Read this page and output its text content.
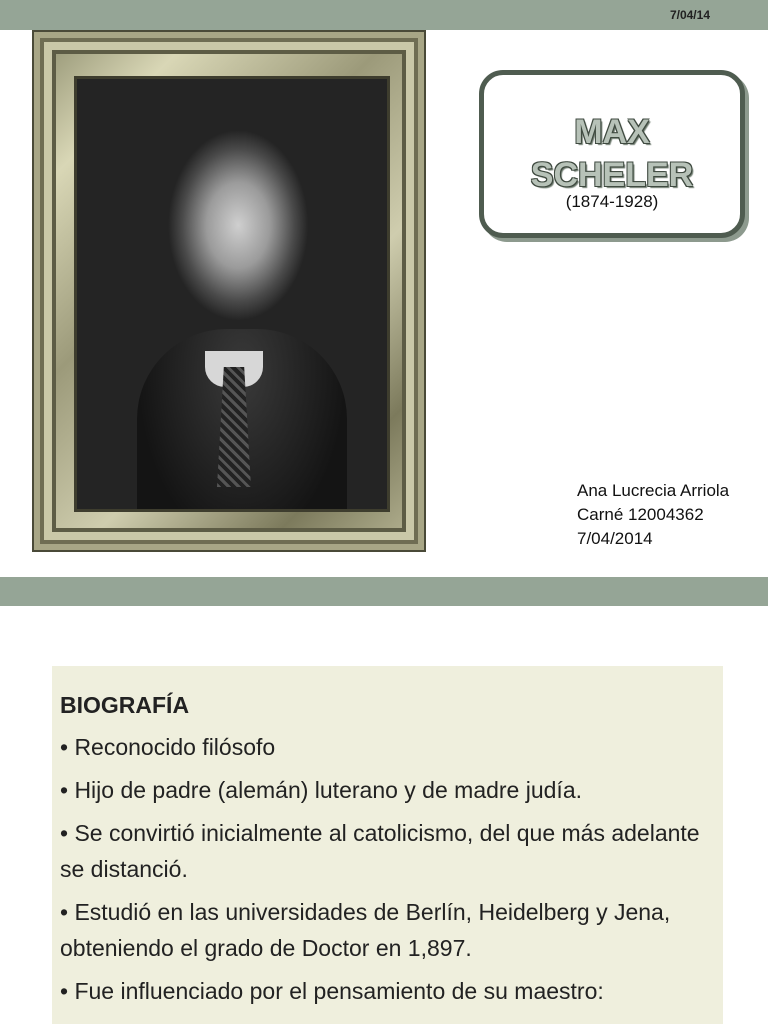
7/04/14
MAX
SCHELER
(1874-1928)
Ana Lucrecia Arriola
Carné 12004362
7/04/2014
BIOGRAFÍA
• Reconocido filósofo
• Hijo de padre (alemán) luterano y de madre judía.
• Se convirtió inicialmente al catolicismo, del que más adelante se distanció.
• Estudió en las universidades de Berlín, Heidelberg y Jena, obteniendo el grado de Doctor en 1,897.
• Fue influenciado por el pensamiento de su maestro:
